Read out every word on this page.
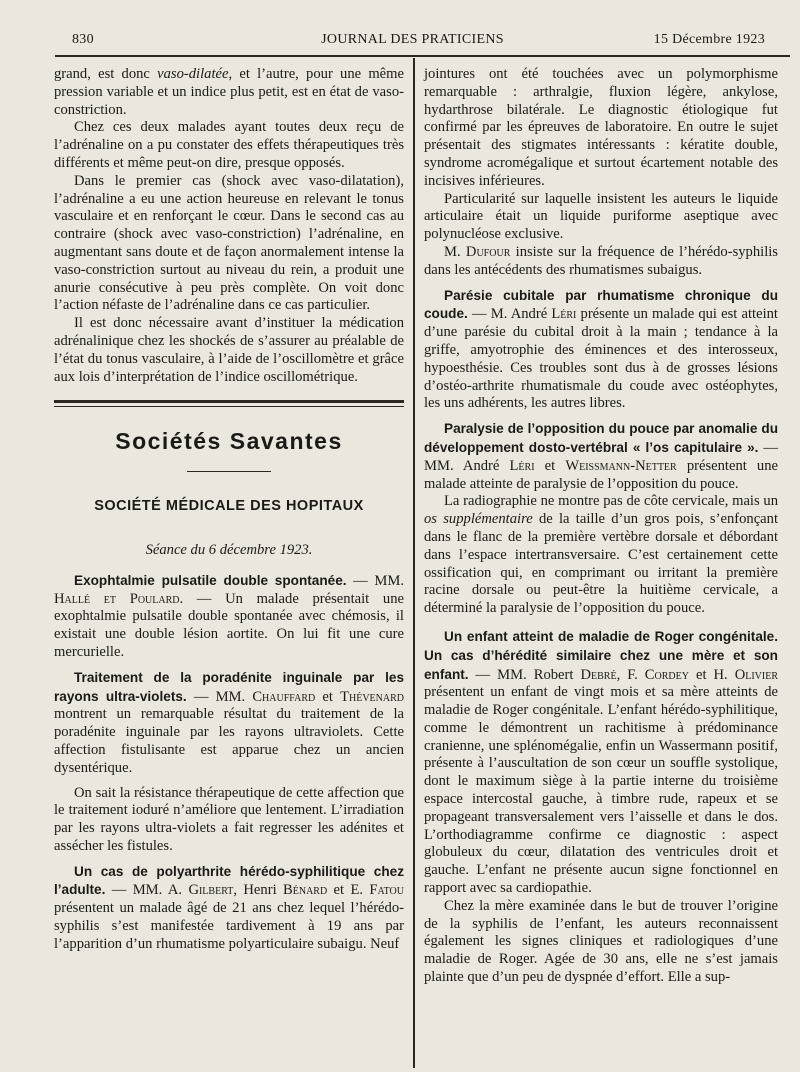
830	JOURNAL DES PRATICIENS	15 Décembre 1923

grand, est donc vaso-dilatée, et l’autre, pour une même pression variable et un indice plus petit, est en état de vaso-constriction.

Chez ces deux malades ayant toutes deux reçu de l’adrénaline on a pu constater des effets thérapeutiques très différents et même peut-on dire, presque opposés.

Dans le premier cas (shock avec vaso-dilatation), l’adrénaline a eu une action heureuse en relevant le tonus vasculaire et en renforçant le cœur. Dans le second cas au contraire (shock avec vaso-constriction) l’adrénaline, en augmentant sans doute et de façon anormalement intense la vaso-constriction surtout au niveau du rein, a produit une anurie consécutive à peu près complète. On voit donc l’action néfaste de l’adrénaline dans ce cas particulier.

Il est donc nécessaire avant d’instituer la médication adrénalinique chez les shockés de s’assurer au préalable de l’état du tonus vasculaire, à l’aide de l’oscillomètre et grâce aux lois d’interprétation de l’indice oscillométrique.

Sociétés Savantes
SOCIÉTÉ MÉDICALE DES HOPITAUX
Séance du 6 décembre 1923.

Exophtalmie pulsatile double spontanée. — MM. Hallé et Poulard. — Un malade présentait une exophtalmie pulsatile double spontanée avec chémosis, il existait une double lésion aortite. On lui fit une cure mercurielle.

Traitement de la poradénite inguinale par les rayons ultra-violets. — MM. Chauffard et Thévenard montrent un remarquable résultat du traitement de la poradénite inguinale par les rayons ultraviolets. Cette affection fistulisante est apparue chez un ancien dysentérique.

On sait la résistance thérapeutique de cette affection que le traitement ioduré n’améliore que lentement. L’irradiation par les rayons ultra-violets a fait regresser les adénites et assécher les fistules.

Un cas de polyarthrite hérédo-syphilitique chez l’adulte. — MM. A. Gilbert, Henri Bénard et E. Fatou présentent un malade âgé de 21 ans chez lequel l’hérédo-syphilis s’est manifestée tardivement à 19 ans par l’apparition d’un rhumatisme polyarticulaire subaigu. Neuf

jointures ont été touchées avec un polymorphisme remarquable : arthralgie, fluxion légère, ankylose, hydarthrose bilatérale. Le diagnostic étiologique fut confirmé par les épreuves de laboratoire. En outre le sujet présentait des stigmates intéressants : kératite double, syndrome acromégalique et surtout écartement notable des incisives inférieures.

Particularité sur laquelle insistent les auteurs le liquide articulaire était un liquide puriforme aseptique avec polynucléose exclusive.

M. Dufour insiste sur la fréquence de l’hérédo-syphilis dans les antécédents des rhumatismes subaigus.

Parésie cubitale par rhumatisme chronique du coude. — M. André Léri présente un malade qui est atteint d’une parésie du cubital droit à la main ; tendance à la griffe, amyotrophie des éminences et des interosseux, hypoesthésie. Ces troubles sont dus à de grosses lésions d’ostéo-arthrite rhumatismale du coude avec ostéophytes, les uns adhérents, les autres libres.

Paralysie de l’opposition du pouce par anomalie du développement dosto-vertébral « l’os capitulaire ». — MM. André Léri et Weissmann-Netter présentent une malade atteinte de paralysie de l’opposition du pouce.

La radiographie ne montre pas de côte cervicale, mais un os supplémentaire de la taille d’un gros pois, s’enfonçant dans le flanc de la première vertèbre dorsale et débordant dans l’espace intertransversaire. C’est certainement cette ossification qui, en comprimant ou irritant la première racine dorsale ou peut-être la huitième cervicale, a déterminé la paralysie de l’opposition du pouce.

Un enfant atteint de maladie de Roger congénitale. Un cas d’hérédité similaire chez une mère et son enfant. — MM. Robert Debré, F. Cordey et H. Olivier présentent un enfant de vingt mois et sa mère atteints de maladie de Roger congénitale. L’enfant hérédo-syphilitique, comme le démontrent un rachitisme à prédominance cranienne, une splénomégalie, enfin un Wassermann positif, présente à l’auscultation de son cœur un souffle systolique, dont le maximum siège à la partie interne du troisième espace intercostal gauche, à timbre rude, rapeux et se propageant transversalement vers l’aisselle et dans le dos. L’orthodiagramme confirme ce diagnostic : aspect globuleux du cœur, dilatation des ventricules droit et gauche. L’enfant ne présente aucun signe fonctionnel en rapport avec sa cardiopathie.

Chez la mère examinée dans le but de trouver l’origine de la syphilis de l’enfant, les auteurs reconnaissent également les signes cliniques et radiologiques d’une maladie de Roger. Agée de 30 ans, elle ne s’est jamais plainte que d’un peu de dyspnée d’effort. Elle a sup-
